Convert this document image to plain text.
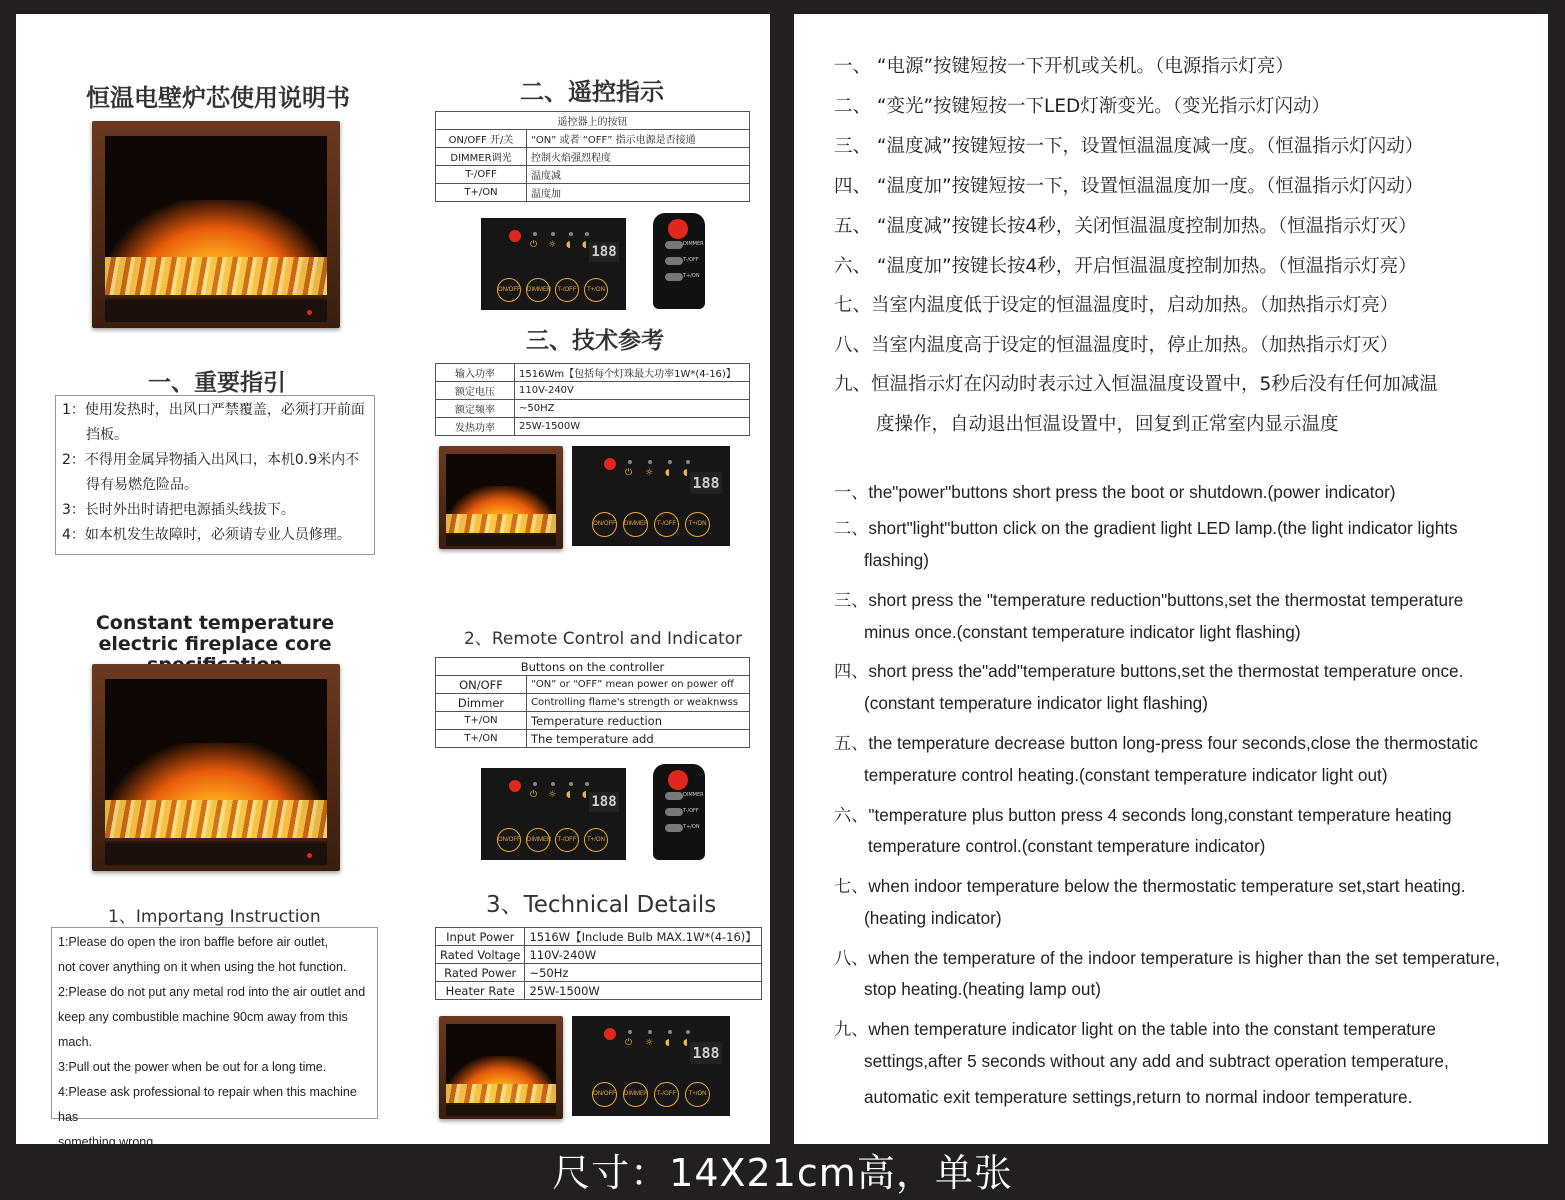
恒温电壁炉芯使用说明书
一、重要指引
1：使用发热时，出风口严禁覆盖，必须打开前面挡板。
2：不得用金属异物插入出风口，本机0.9米内不得有易燃危险品。
3：长时外出时请把电源插头线拔下。
4：如本机发生故障时，必须请专业人员修理。
Constant temperature electric fireplace core
1、Importang Instruction
1:Please do open the iron baffle before air outlet,
not cover anything on it when using the hot function.
2:Please do not put any metal rod into the air outlet and
keep any combustible machine 90cm away from this mach.
3:Pull out the power when be out for a long time.
4:Please ask professional to repair when this machine has
something wrong.
二、遥控指示
遥控器上的按钮	
ON/OFF 开/关	“ON” 或者 “OFF” 指示电源是否接通
DIMMER调光	控制火焰强烈程度
T-/OFF	温度减
T+/ON	温度加
⏻ ☼ ◖ ◖ 188
ON/OFF DIMMER	T-/OFF	T+/ON
DIMMER
T-/OFF
T+/ON
三、技术参考
输入功率	1516Wm【包括每个灯珠最大功率1W*(4-16)】
额定电压	110V-240V
额定频率	~50HZ
发热功率	25W-1500W
⏻ ☼ ◖ ◖
188
ON/OFF DIMMER	T-/OFF	T+/ON
2、Remote Control and Indicator
Buttons on the controller	
ON/OFF	“ON” or “OFF” mean power on power off
Dimmer	Controlling flame's strength or weaknwss
T+/ON	Temperature reduction
T+/ON	The temperature add
⏻ ☼ ◖ ◖ 188
ON/OFF DIMMER	T-/OFF	T+/ON
DIMMER
T-/OFF
T+/ON
3、Technical Details
Input Power	1516W【Include Bulb MAX.1W*(4-16)】
Rated Voltage	110V-240W
Rated Power	~50Hz
Heater Rate	25W-1500W
⏻ ☼ ◖ ◖
188
ON/OFF DIMMER	T-/OFF	T+/ON
一、 “电源”按键短按一下开机或关机。（电源指示灯亮）
二、 “变光”按键短按一下LED灯渐变光。（变光指示灯闪动）
三、 “温度减”按键短按一下，设置恒温温度减一度。（恒温指示灯闪动）
四、 “温度加”按键短按一下，设置恒温温度加一度。（恒温指示灯闪动）
五、 “温度减”按键长按4秒，关闭恒温温度控制加热。（恒温指示灯灭）
六、 “温度加”按键长按4秒，开启恒温温度控制加热。（恒温指示灯亮）
七、当室内温度低于设定的恒温温度时，启动加热。（加热指示灯亮）
八、当室内温度高于设定的恒温温度时，停止加热。（加热指示灯灭）
九、恒温指示灯在闪动时表示过入恒温温度设置中，5秒后没有任何加减温
度操作，自动退出恒温设置中，回复到正常室内显示温度
一、the"power"buttons short press the boot or shutdown.(power indicator)
二、short"light"button click on the gradient light LED lamp.(the light indicator lights
flashing)
三、short press the "temperature reduction"buttons,set the thermostat temperature
minus once.(constant temperature indicator light flashing)
四、short press the"add"temperature buttons,set the thermostat temperature once.
(constant temperature indicator light flashing)
五、the temperature decrease button long-press four seconds,close the thermostatic
temperature control heating.(constant temperature indicator light out)
六、"temperature plus button press 4 seconds long,constant temperature heating
temperature control.(constant temperature indicator)
七、when indoor temperature below the thermostatic temperature set,start heating.
(heating indicator)
八、when the temperature of the indoor temperature is higher than the set temperature,
stop heating.(heating lamp out)
九、when temperature indicator light on the table into the constant temperature
settings,after 5 seconds without any add and subtract operation temperature,
automatic exit temperature settings,return to normal indoor temperature.
尺寸：14X21cm高，单张
